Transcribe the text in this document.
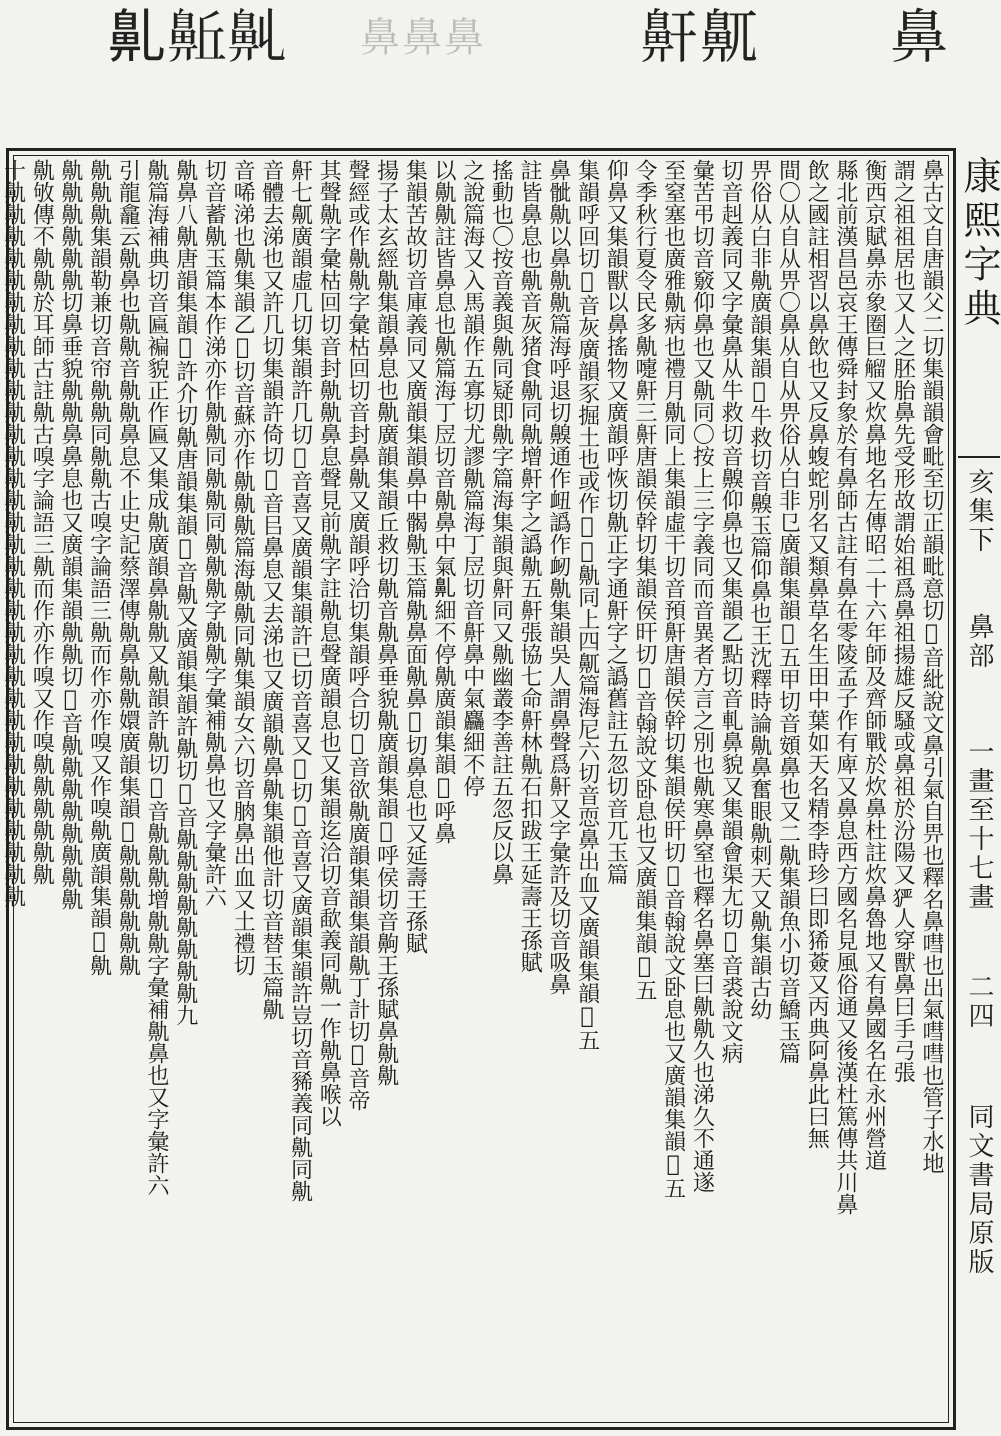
𪖐𪖛𪖑 鼻鼻鼻	鼾鼿 鼻
鼻古文自唐韻父二切集韻韻會毗至切正韻毗意切𡘜音紕說文鼻引氣自畀也釋名鼻嘒也出氣嘒嘒也管子水地
謂之祖祖居也又人之胚胎鼻先受形故謂始祖爲鼻祖揚雄反騷或鼻祖於汾陽又𤞤人穿獸鼻曰手弓張
衡西京賦鼻赤象圈巨𧤝又炊鼻地名左傳昭二十六年師及齊師戰於炊鼻杜註炊鼻魯地又有鼻國名在永州營道
縣北前漢昌邑哀王傳舜封象於有鼻師古註有鼻在零陵孟子作有庳又鼻息西方國名見風俗通又後漢杜篤傳共川鼻
飲之國註相習以鼻飲也又反鼻蝮蛇別名又類鼻草名生田中葉如天名精李時珍曰即狶薟又丙典阿鼻此曰無
間〇从自从畀〇鼻从自从畀俗从白非㔾廣韻集韻𡘜五甲切音頞鼻也又二鼽集韻魚小切音鱎玉篇
畀俗从白非鼽廣韻集韻𡘜牛救切音齅玉篇仰鼻也王沈釋時論鼽鼻奮眼鼽刺天又鼽集韻古幼
切音赳義同又字彙鼻从牛救切音齅仰鼻也又集韻乙點切音軋鼻貌又集韻會渠尢切𡘜音裘說文病
彙苦弔切音竅仰鼻也又鼽同〇按上三字義同而音異者方言之別也鼽寒鼻窒也釋名鼻塞曰鼽鼽久也涕久不通遂
至窒塞也廣雅鼽病也禮月鼽同上集韻虛干切音預鼾唐韻侯幹切集韻侯旰切𡘜音翰說文卧息也又廣韻集韻𡘜五
令季秋行夏令民多鼽嚏鼾三鼾唐韻侯幹切集韻侯旰切𡘜音翰說文卧息也又廣韻集韻𡘜五
仰鼻又集韻獸以鼻搖物又廣韻呼恢切鼽正字通鼾字之譌舊註五忽切音兀玉篇
集韻呼回切𡘜音灰廣韻豕掘土也或作𢻐𧎍鼽同上四鼿篇海尼六切音恧鼻出血又廣韻集韻𡘜五
鼻骴鼽以鼻鼽鼽篇海呼退切齅通作衄譌作衂鼽集韻吳人謂鼻聲爲鼾又字彙許及切音吸鼻
註皆鼻息也鼽音灰猪食鼽同鼽增鼾字之譌鼽五鼾張協七命鼾林鼽石扣跋王延壽王孫賦
搖動也〇按音義與鼽同疑即鼽字篇海集韻與鼾同又鼽幽叢李善註五忽反以鼻
之說篇海又入馬韻作五寡切尤謬鼽篇海丁㞐切音鼾鼻中氣麤細不停
以鼽鼽註皆鼻息也鼽篇海丁㞐切音鼽鼻中氣𪖐細不停鼽廣韻集韻𡘜呼鼻
集韻苦故切音庫義同又廣韻集韻鼻中𩩲鼽玉篇鼽鼻面鼽鼻𡘜切鼻息也又延壽王孫賦
揚子太玄經鼽集韻鼻息也鼽廣韻集韻丘救切鼽音鼽鼻垂貌鼽廣韻集韻𡘜呼侯切音齁王孫賦鼻鼽鼽
聲經或作鼽鼽字彙枯回切音封鼻鼽又廣韻呼洽切集韻呼合切𡘜音欲鼽廣韻集韻集韻鼽丁計切𡘜音帝
其聲鼽字彙枯回切音封鼽鼽鼻息聲見前鼽字註鼽息聲廣韻息也又集韻迄洽切音歃義同鼽一作鼽鼻喉以
鼾七鼿廣韻虛几切集韻許几切𡘜音喜又廣韻集韻許已切音喜又𡘜切𡘜音喜又廣韻集韻許豈切音豨義同鼽同鼽
音體去涕也又許几切集韻許倚切𡘜音㠯鼻息又去涕也又廣韻鼽鼻鼽集韻他計切音替玉篇鼽
音唏涕也鼽集韻乙𡘜切音蘇亦作鼽鼽鼽篇海鼽鼽同鼽集韻女六切音朒鼻出血又土禮切
切音蓄鼽玉篇本作涕亦作鼽鼽同鼽鼽同鼽鼽鼽字鼽鼽字彙補鼽鼻也又字彙許六
鼽鼻八鼽唐韻集韻𡘜許介切鼽唐韻集韻𡘜音鼽又廣韻集韻許鼽切𡘜音鼽鼽鼽鼽鼽鼽鼽鼽九
鼽篇海補典切音匾褊貌正作匾又集成鼽廣韻鼻鼽鼽又鼽韻許鼽切𡘜音鼽鼽鼽增鼽鼽字彙補鼽鼻也又字彙許六
引龍龕云鼽鼻也鼽鼽音鼽鼽鼻息不止史記蔡澤傳鼽鼻鼽鼽嬛廣韻集韻𡘜鼽鼽鼽鼽鼽鼽
鼽鼽鼽集韻勒兼切音帘鼽鼽同鼽鼽古嗅字論語三鼽而作亦作嗅又作嗅鼽廣韻集韻𡘜鼽
鼽鼽鼽鼽鼽鼽切鼻垂貌鼽鼽鼻鼻息也又廣韻集韻鼽鼽切𡘜音鼽鼽鼽鼽鼽鼽鼽鼽
鼽敂傳不鼽鼽於耳師古註鼽古嗅字論語三鼽而作亦作嗅又作嗅鼽鼽鼽鼽鼽鼽
十鼽鼽鼽鼽鼽鼽鼽鼽鼽鼽鼽鼽鼽鼽鼽鼽鼽鼽鼽鼽鼽鼽鼽鼽鼽鼽鼽鼽鼽鼽鼽鼽鼽	康熙字典
亥集下
鼻部
一畫至十七畫
二四
同文書局原版
